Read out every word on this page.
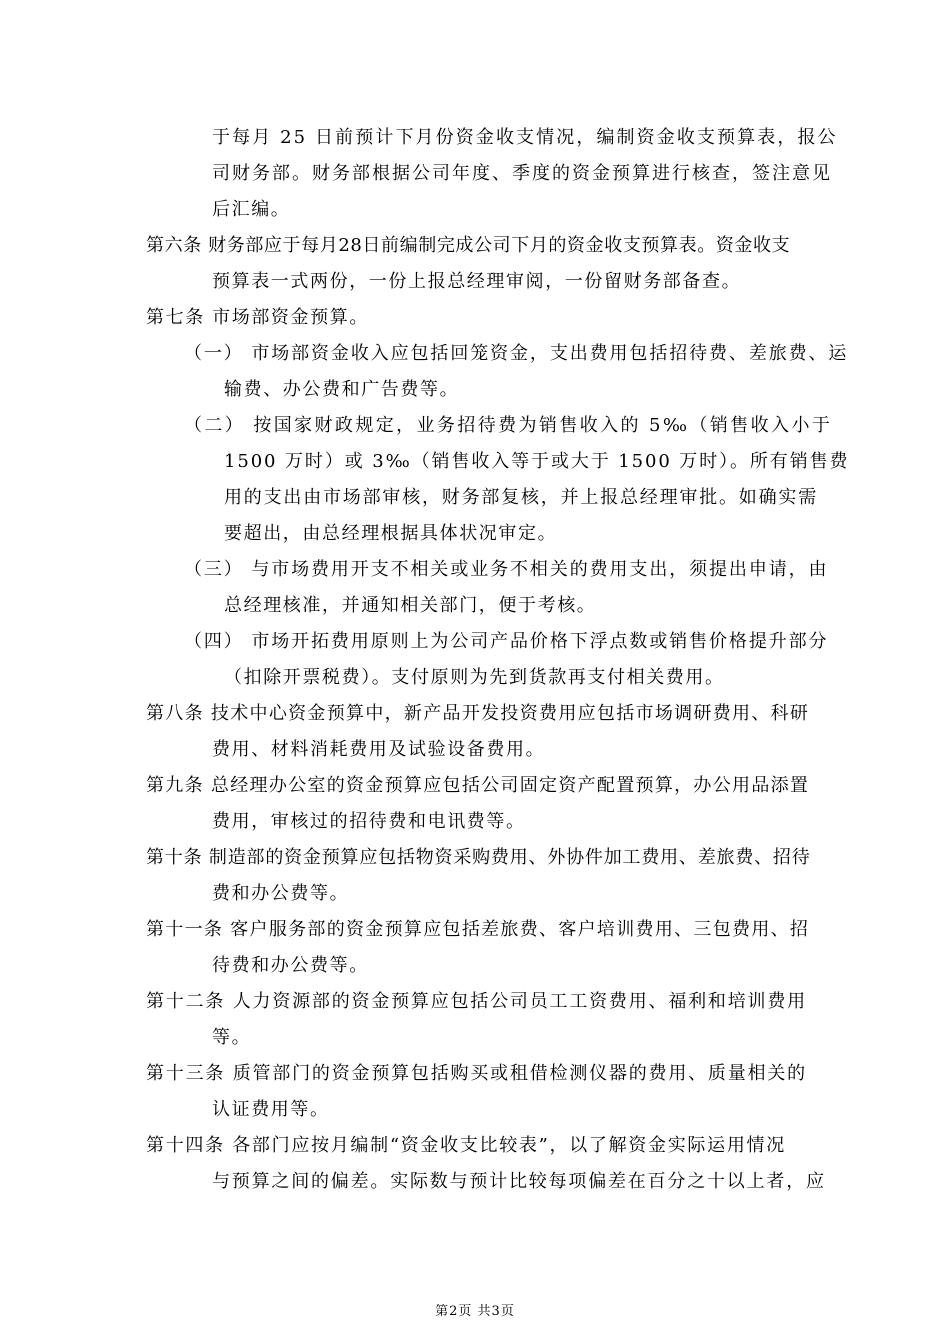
于每月 25 日前预计下月份资金收支情况，编制资金收支预算表，报公
司财务部。财务部根据公司年度、季度的资金预算进行核查，签注意见
后汇编。
第六条 财务部应于每月28日前编制完成公司下月的资金收支预算表。资金收支
预算表一式两份，一份上报总经理审阅，一份留财务部备查。
第七条 市场部资金预算。
（一） 市场部资金收入应包括回笼资金，支出费用包括招待费、差旅费、运
输费、办公费和广告费等。
（二） 按国家财政规定，业务招待费为销售收入的 5‰（销售收入小于
1500 万时）或 3‰（销售收入等于或大于 1500 万时）。所有销售费
用的支出由市场部审核，财务部复核，并上报总经理审批。如确实需
要超出，由总经理根据具体状况审定。
（三） 与市场费用开支不相关或业务不相关的费用支出，须提出申请，由
总经理核准，并通知相关部门，便于考核。
（四） 市场开拓费用原则上为公司产品价格下浮点数或销售价格提升部分
（扣除开票税费）。支付原则为先到货款再支付相关费用。
第八条 技术中心资金预算中，新产品开发投资费用应包括市场调研费用、科研
费用、材料消耗费用及试验设备费用。
第九条 总经理办公室的资金预算应包括公司固定资产配置预算，办公用品添置
费用，审核过的招待费和电讯费等。
第十条 制造部的资金预算应包括物资采购费用、外协件加工费用、差旅费、招待
费和办公费等。
第十一条 客户服务部的资金预算应包括差旅费、客户培训费用、三包费用、招
待费和办公费等。
第十二条 人力资源部的资金预算应包括公司员工工资费用、福利和培训费用
等。
第十三条 质管部门的资金预算包括购买或租借检测仪器的费用、质量相关的
认证费用等。
第十四条 各部门应按月编制“资金收支比较表”，以了解资金实际运用情况
与预算之间的偏差。实际数与预计比较每项偏差在百分之十以上者，应
第2页 共3页
